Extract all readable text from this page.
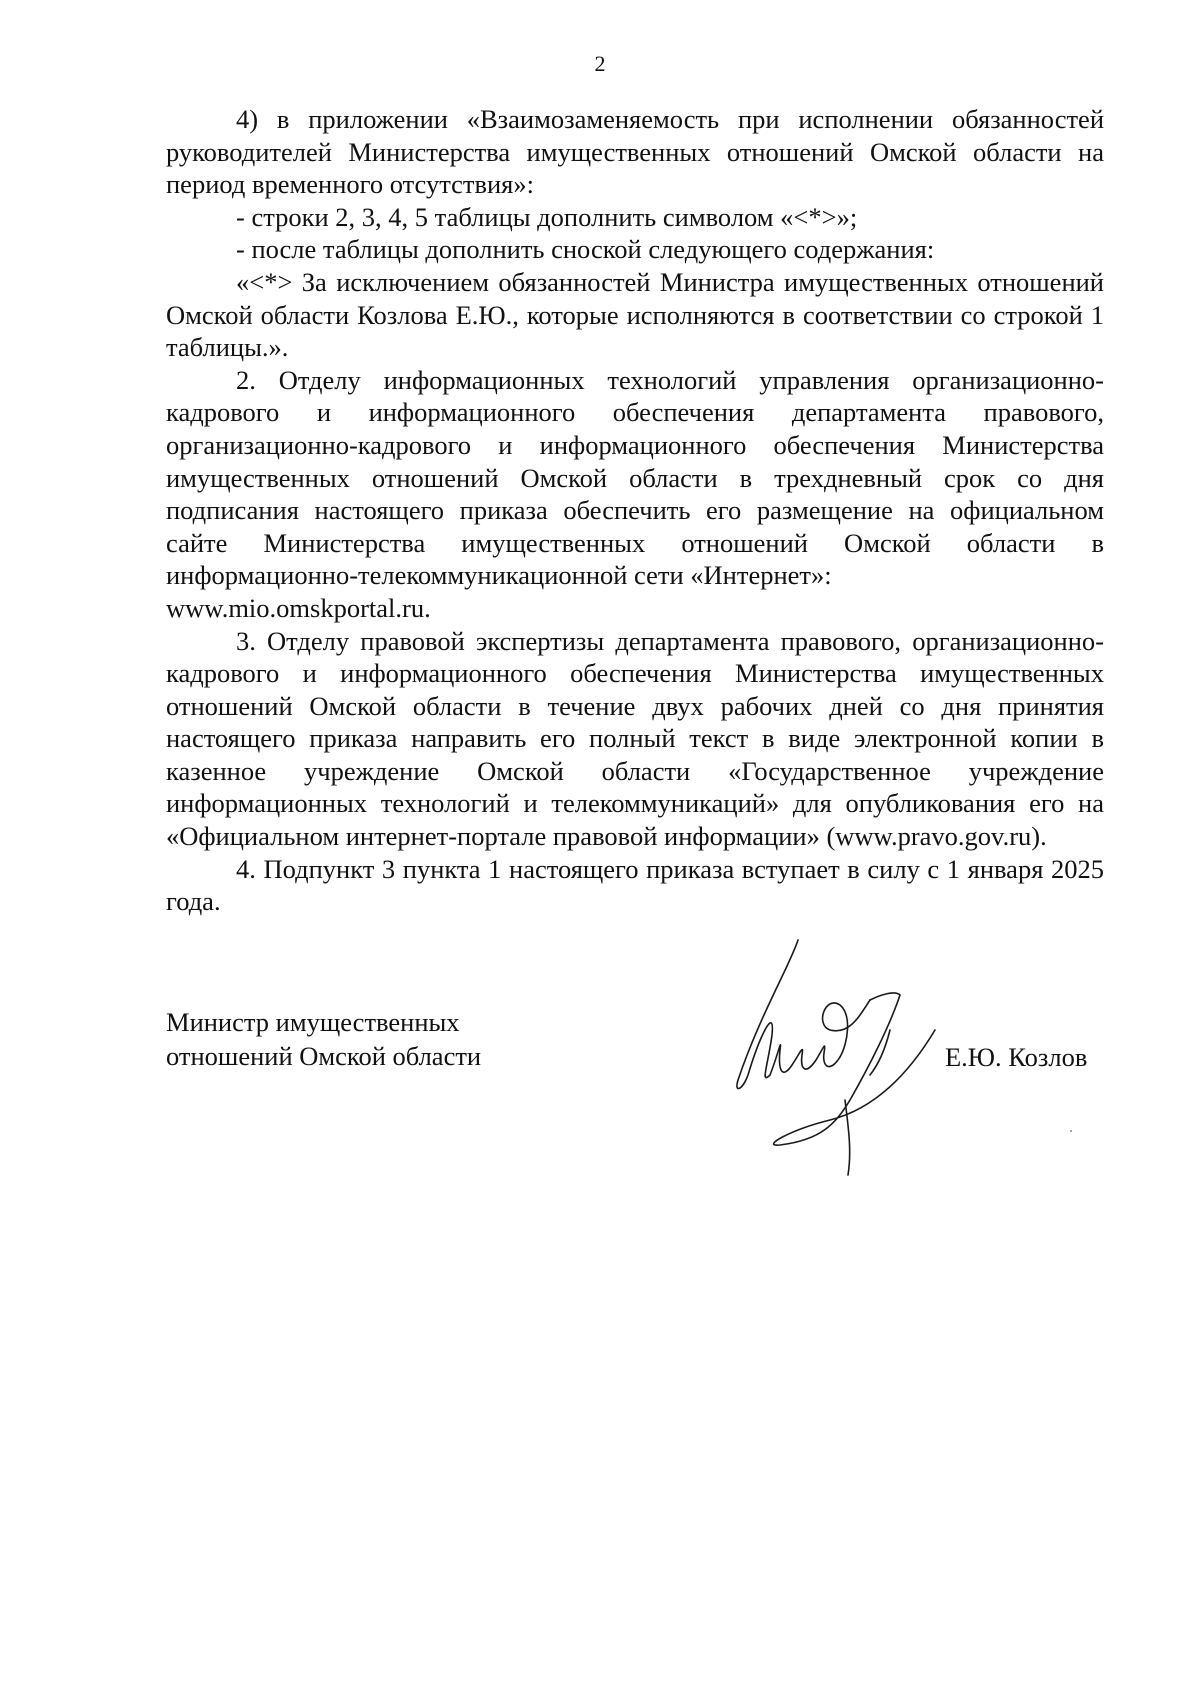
2

4) в приложении «Взаимозаменяемость при исполнении обязанностей руководителей Министерства имущественных отношений Омской области на период временного отсутствия»:

- строки 2, 3, 4, 5 таблицы дополнить символом «<*>»;

- после таблицы дополнить сноской следующего содержания:

«<*> За исключением обязанностей Министра имущественных отношений Омской области Козлова Е.Ю., которые исполняются в соответствии со строкой 1 таблицы.».

2. Отделу информационных технологий управления организационно-кадрового и информационного обеспечения департамента правового, организационно-кадрового и информационного обеспечения Министерства имущественных отношений Омской области в трехдневный срок со дня подписания настоящего приказа обеспечить его размещение на официальном сайте Министерства имущественных отношений Омской области в информационно-телекоммуникационной сети «Интернет»:

www.mio.omskportal.ru.

3. Отделу правовой экспертизы департамента правового, организационно-кадрового и информационного обеспечения Министерства имущественных отношений Омской области в течение двух рабочих дней со дня принятия настоящего приказа направить его полный текст в виде электронной копии в казенное учреждение Омской области «Государственное учреждение информационных технологий и телекоммуникаций» для опубликования его на «Официальном интернет-портале правовой информации» (www.pravo.gov.ru).

4. Подпункт 3 пункта 1 настоящего приказа вступает в силу с 1 января 2025 года.

Министр имущественных
отношений Омской области	Е.Ю. Козлов
